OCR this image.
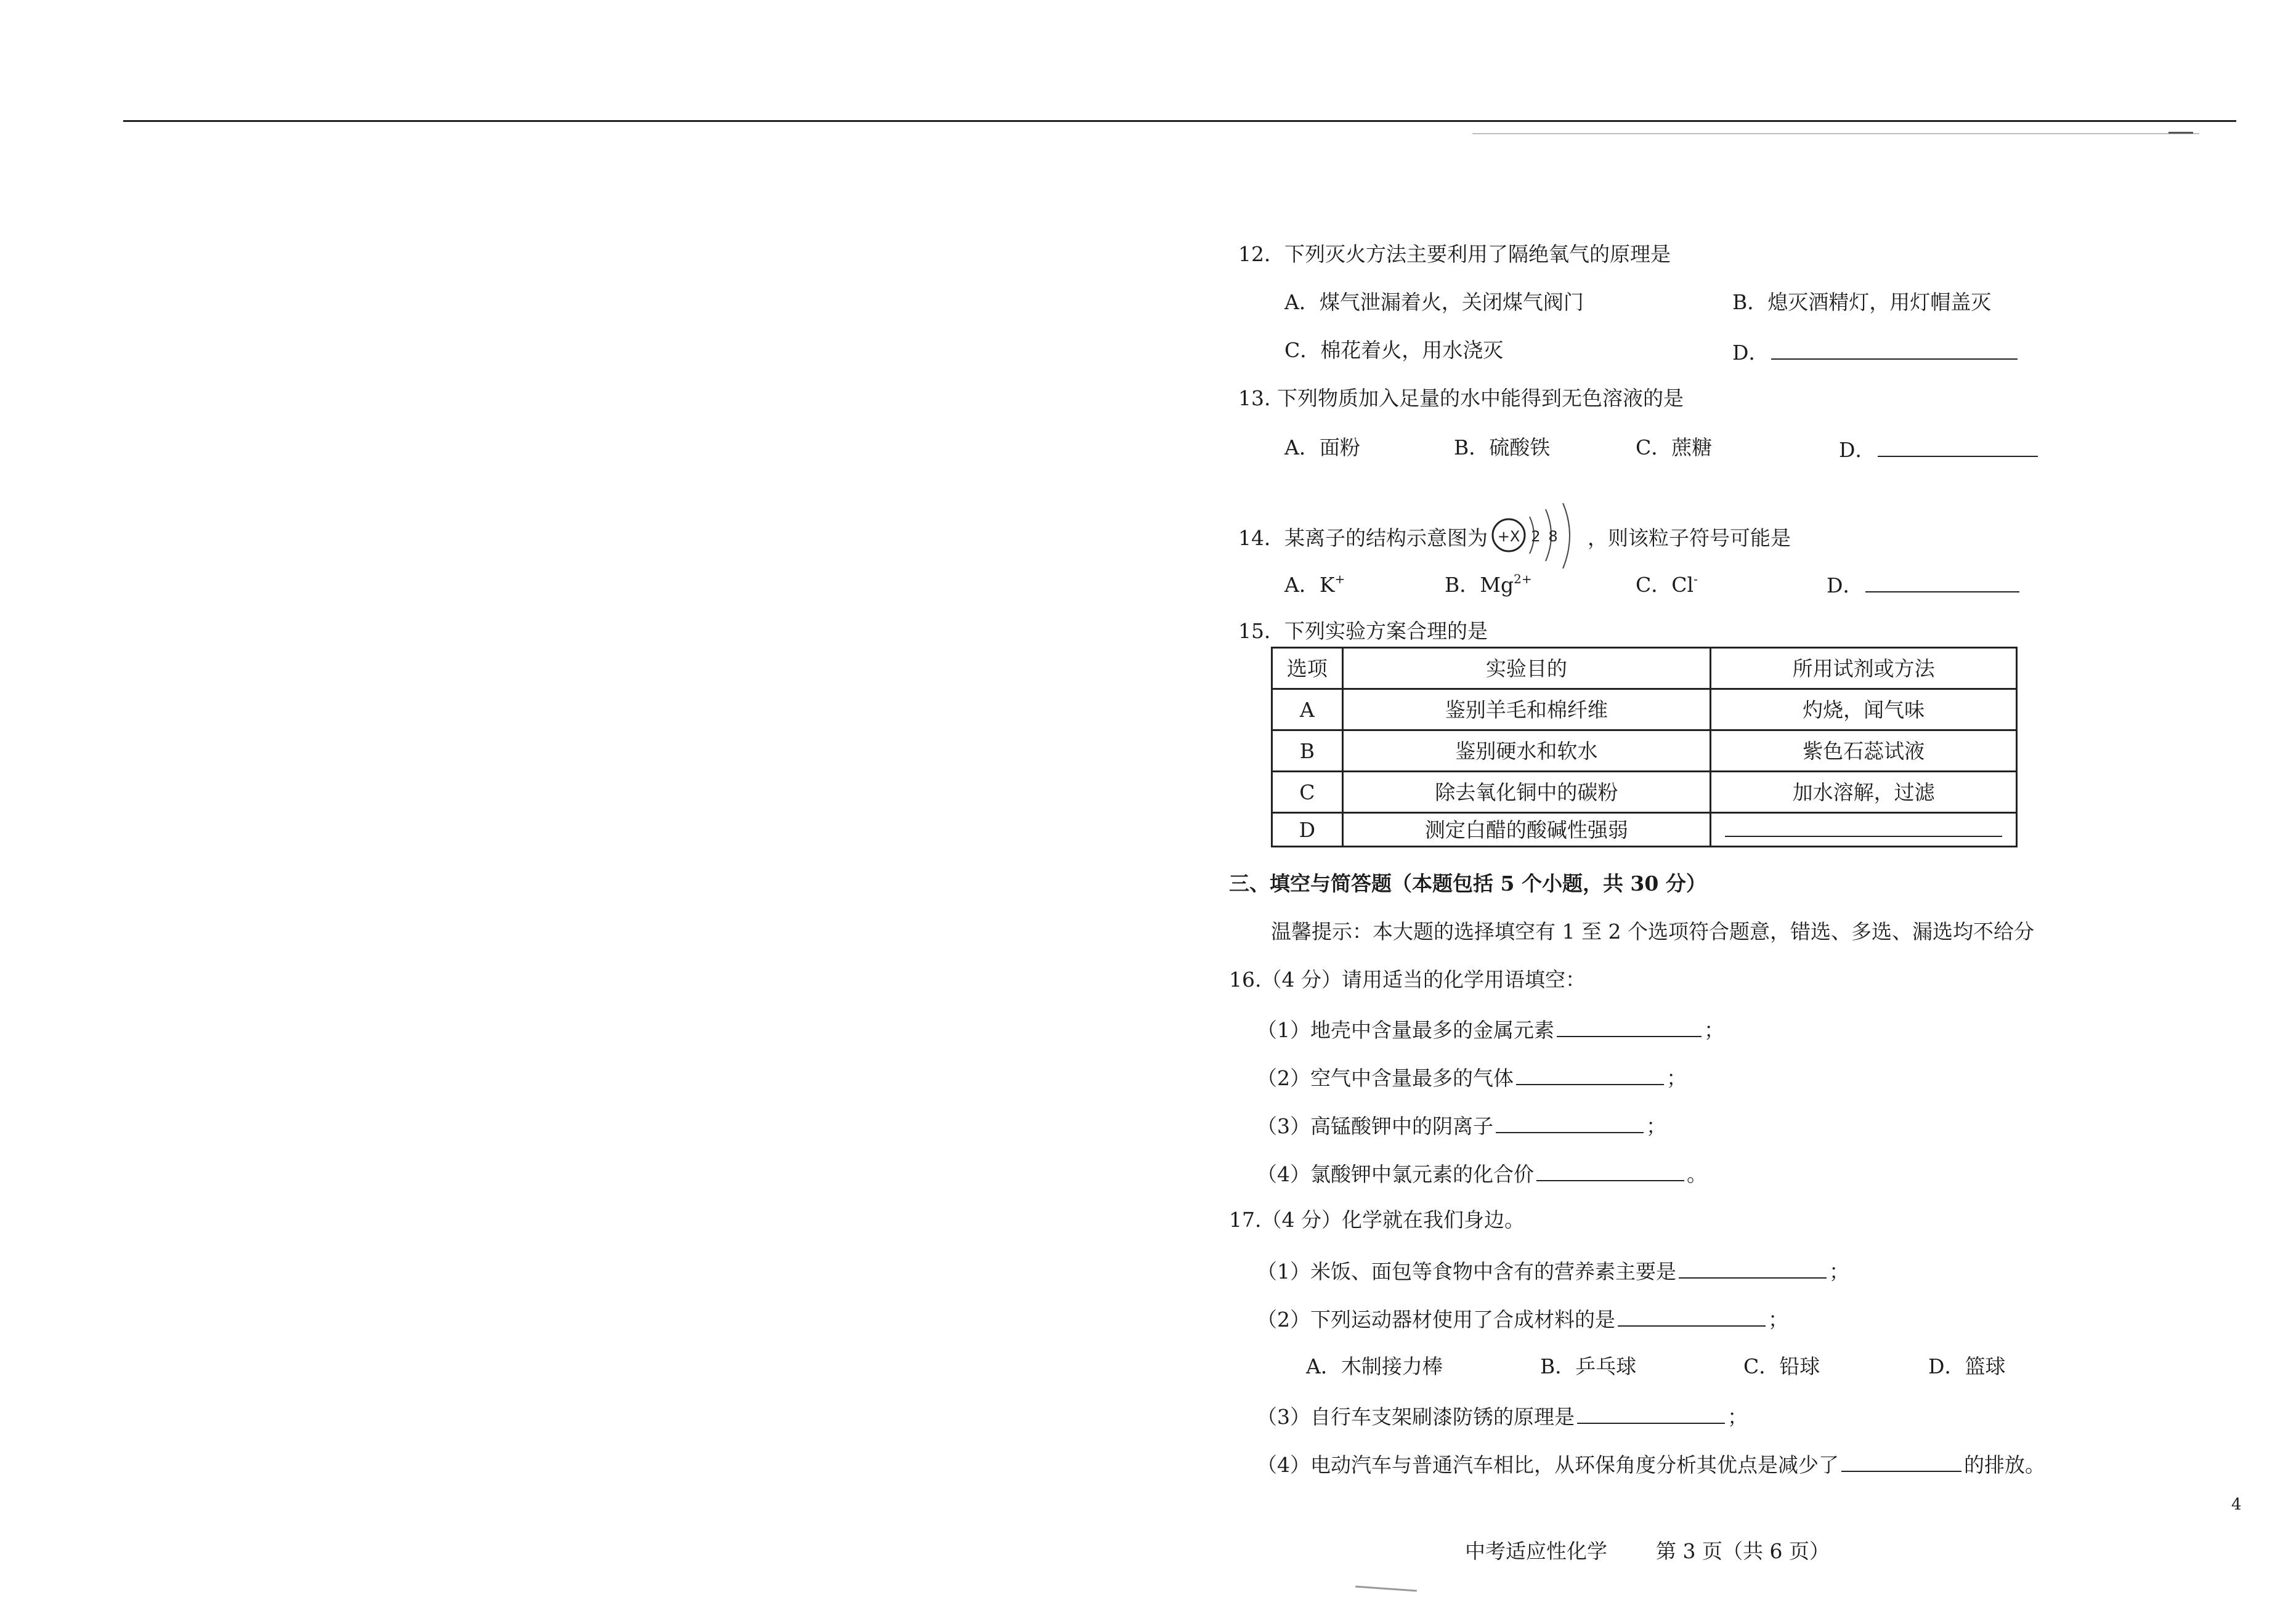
12．下列灭火方法主要利用了隔绝氧气的原理是
A．煤气泄漏着火，关闭煤气阀门	B．熄灭酒精灯，用灯帽盖灭
C．棉花着火，用水浇灭	D．
13. 下列物质加入足量的水中能得到无色溶液的是
A．面粉	B．硫酸铁	C．蔗糖	D．
14．某离子的结构示意图为 +X 2 8 ，则该粒子符号可能是
A．K+	B．$Mg^{2+}$	C．Cl-	D．
15．下列实验方案合理的是
选项	实验目的	所用试剂或方法
A	鉴别羊毛和棉纤维	灼烧，闻气味
B	鉴别硬水和软水	紫色石蕊试液
C	除去氧化铜中的碳粉	加水溶解，过滤
D	测定白醋的酸碱性强弱	
三、填空与简答题（本题包括 5 个小题，共 30 分）
温馨提示：本大题的选择填空有 1 至 2 个选项符合题意，错选、多选、漏选均不给分
16.（4 分）请用适当的化学用语填空：
（1）地壳中含量最多的金属元素	；
（2）空气中含量最多的气体	；
（3）高锰酸钾中的阴离子	；
（4）氯酸钾中氯元素的化合价	。
17.（4 分）化学就在我们身边。
（1）米饭、面包等食物中含有的营养素主要是	；
（2）下列运动器材使用了合成材料的是	；
A．木制接力棒	B．乒乓球	C．铅球	D．篮球
（3）自行车支架刷漆防锈的原理是	；
（4）电动汽车与普通汽车相比，从环保角度分析其优点是减少了	的排放。
中考适应性化学 第 3 页（共 6 页）
4
